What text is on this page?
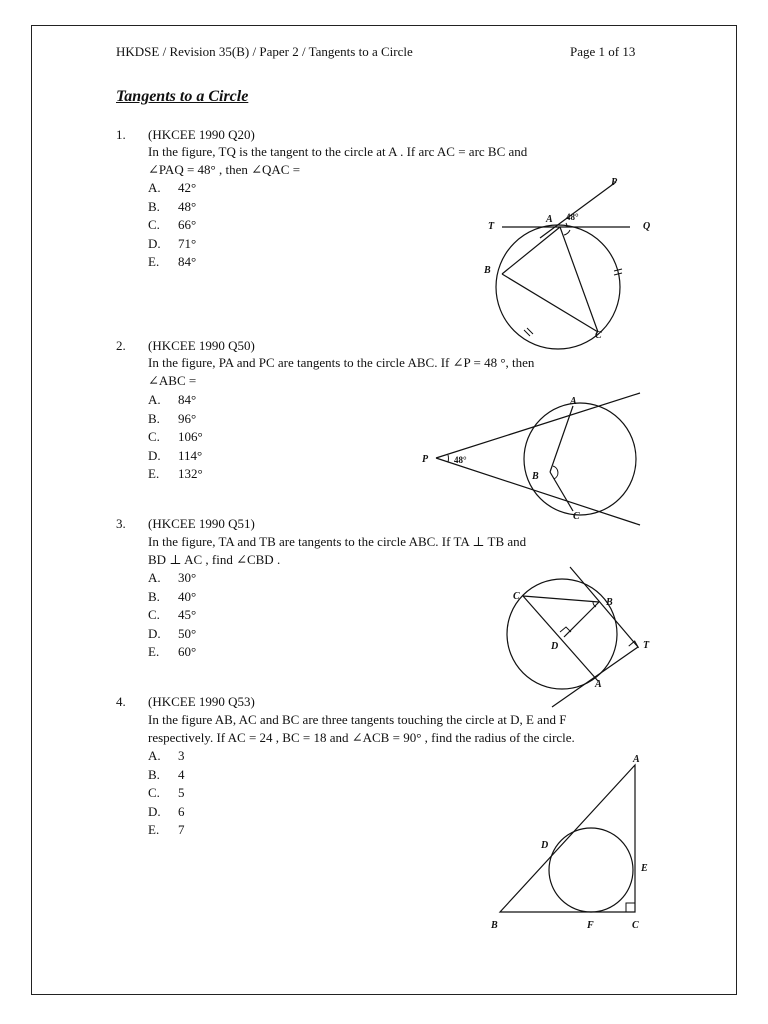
HKDSE / Revision 35(B) / Paper 2 / Tangents to a Circle	Page 1 of 13
Tangents to a Circle
1. (HKCEE 1990 Q20)
In the figure, TQ is the tangent to the circle at A . If arc AC = arc BC and
∠PAQ = 48° , then ∠QAC =
A.	42°
B.	48°
C.	66°
D.	71°
E.	84°
T	Q
P
A 48°
B
C
2. (HKCEE 1990 Q50)
In the figure, PA and PC are tangents to the circle ABC. If ∠P = 48 °, then
∠ABC =
A.	84°
B.	96°
C.	106°
D.	114°
E.	132°
P	48°
A
B
C
3. (HKCEE 1990 Q51)
In the figure, TA and TB are tangents to the circle ABC. If TA ⊥ TB and
BD ⊥ AC , find ∠CBD .
A.	30°
B.	40°
C.	45°
D.	50°
E.	60°
C
B
D	T
A
4. (HKCEE 1990 Q53)
In the figure AB, AC and BC are three tangents touching the circle at D, E and F
respectively. If AC = 24 , BC = 18 and ∠ACB = 90° , find the radius of the circle.
A.	3
B.	4
C.	5
D.	6
E.	7
A
D
E
B	F	C
